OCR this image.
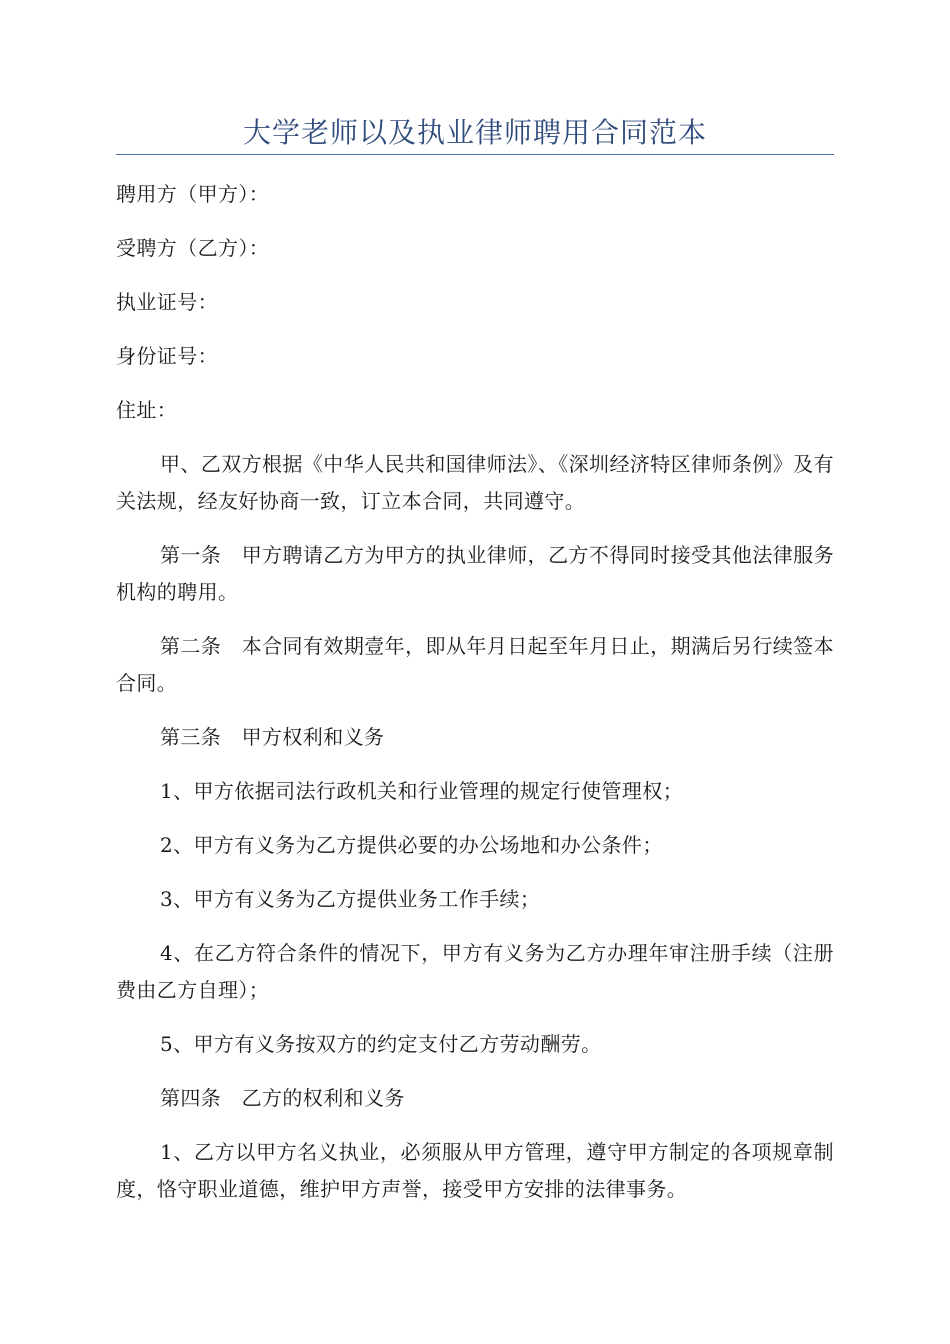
大学老师以及执业律师聘用合同范本

聘用方（甲方）：

受聘方（乙方）：

执业证号：

身份证号：

住址：

甲、乙双方根据《中华人民共和国律师法》、《深圳经济特区律师条例》及有关法规，经友好协商一致，订立本合同，共同遵守。

第一条　甲方聘请乙方为甲方的执业律师，乙方不得同时接受其他法律服务机构的聘用。

第二条　本合同有效期壹年，即从年月日起至年月日止，期满后另行续签本合同。

第三条　甲方权利和义务

1、甲方依据司法行政机关和行业管理的规定行使管理权；

2、甲方有义务为乙方提供必要的办公场地和办公条件；

3、甲方有义务为乙方提供业务工作手续；

4、在乙方符合条件的情况下，甲方有义务为乙方办理年审注册手续（注册费由乙方自理）；

5、甲方有义务按双方的约定支付乙方劳动酬劳。

第四条　乙方的权利和义务

1、乙方以甲方名义执业，必须服从甲方管理，遵守甲方制定的各项规章制度，恪守职业道德，维护甲方声誉，接受甲方安排的法律事务。
